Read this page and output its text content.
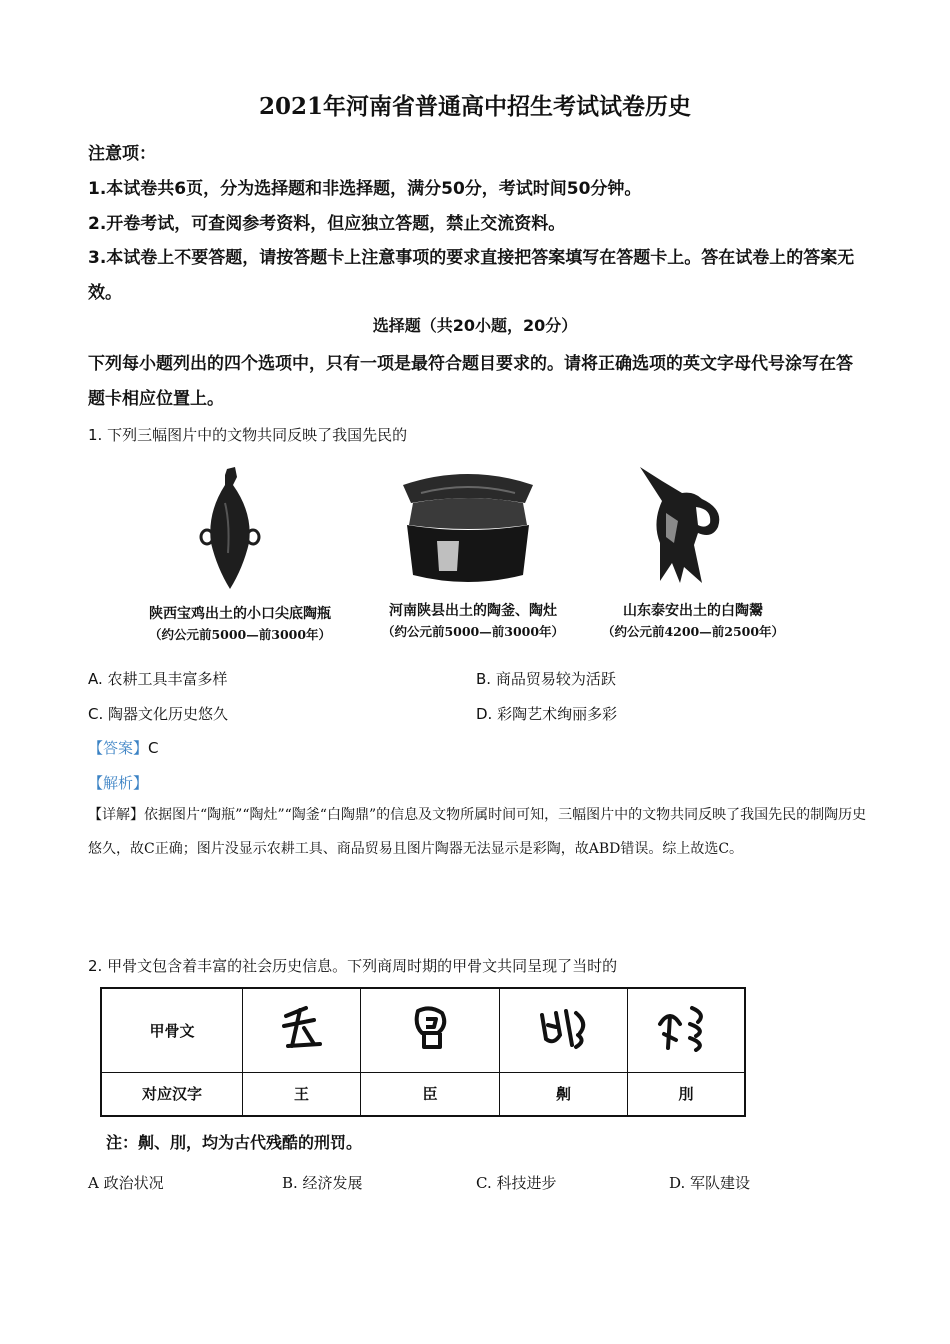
2021年河南省普通高中招生考试试卷历史
注意项：
1.本试卷共6页，分为选择题和非选择题，满分50分，考试时间50分钟。
2.开卷考试，可查阅参考资料，但应独立答题，禁止交流资料。
3.本试卷上不要答题，请按答题卡上注意事项的要求直接把答案填写在答题卡上。答在试卷上的答案无效。
选择题（共20小题，20分）
下列每小题列出的四个选项中，只有一项是最符合题目要求的。请将正确选项的英文字母代号涂写在答题卡相应位置上。
1. 下列三幅图片中的文物共同反映了我国先民的
陕西宝鸡出土的小口尖底陶瓶
（约公元前5000—前3000年）
河南陕县出土的陶釜、陶灶
（约公元前5000—前3000年）
山东泰安出土的白陶鬶
（约公元前4200—前2500年）
A. 农耕工具丰富多样	B. 商品贸易较为活跃
C. 陶器文化历史悠久	D. 彩陶艺术绚丽多彩
【答案】C
【解析】
【详解】依据图片“陶瓶”“陶灶”“陶釜“白陶鼎”的信息及文物所属时间可知，三幅图片中的文物共同反映了我国先民的制陶历史悠久，故C正确；图片没显示农耕工具、商品贸易且图片陶器无法显示是彩陶，故ABD错误。综上故选C。
2. 甲骨文包含着丰富的社会历史信息。下列商周时期的甲骨文共同呈现了当时的
甲骨文				
对应汉字	王	臣	劓	刖
注：劓、刖，均为古代残酷的刑罚。
A 政治状况	B. 经济发展	C. 科技进步	D. 军队建设
